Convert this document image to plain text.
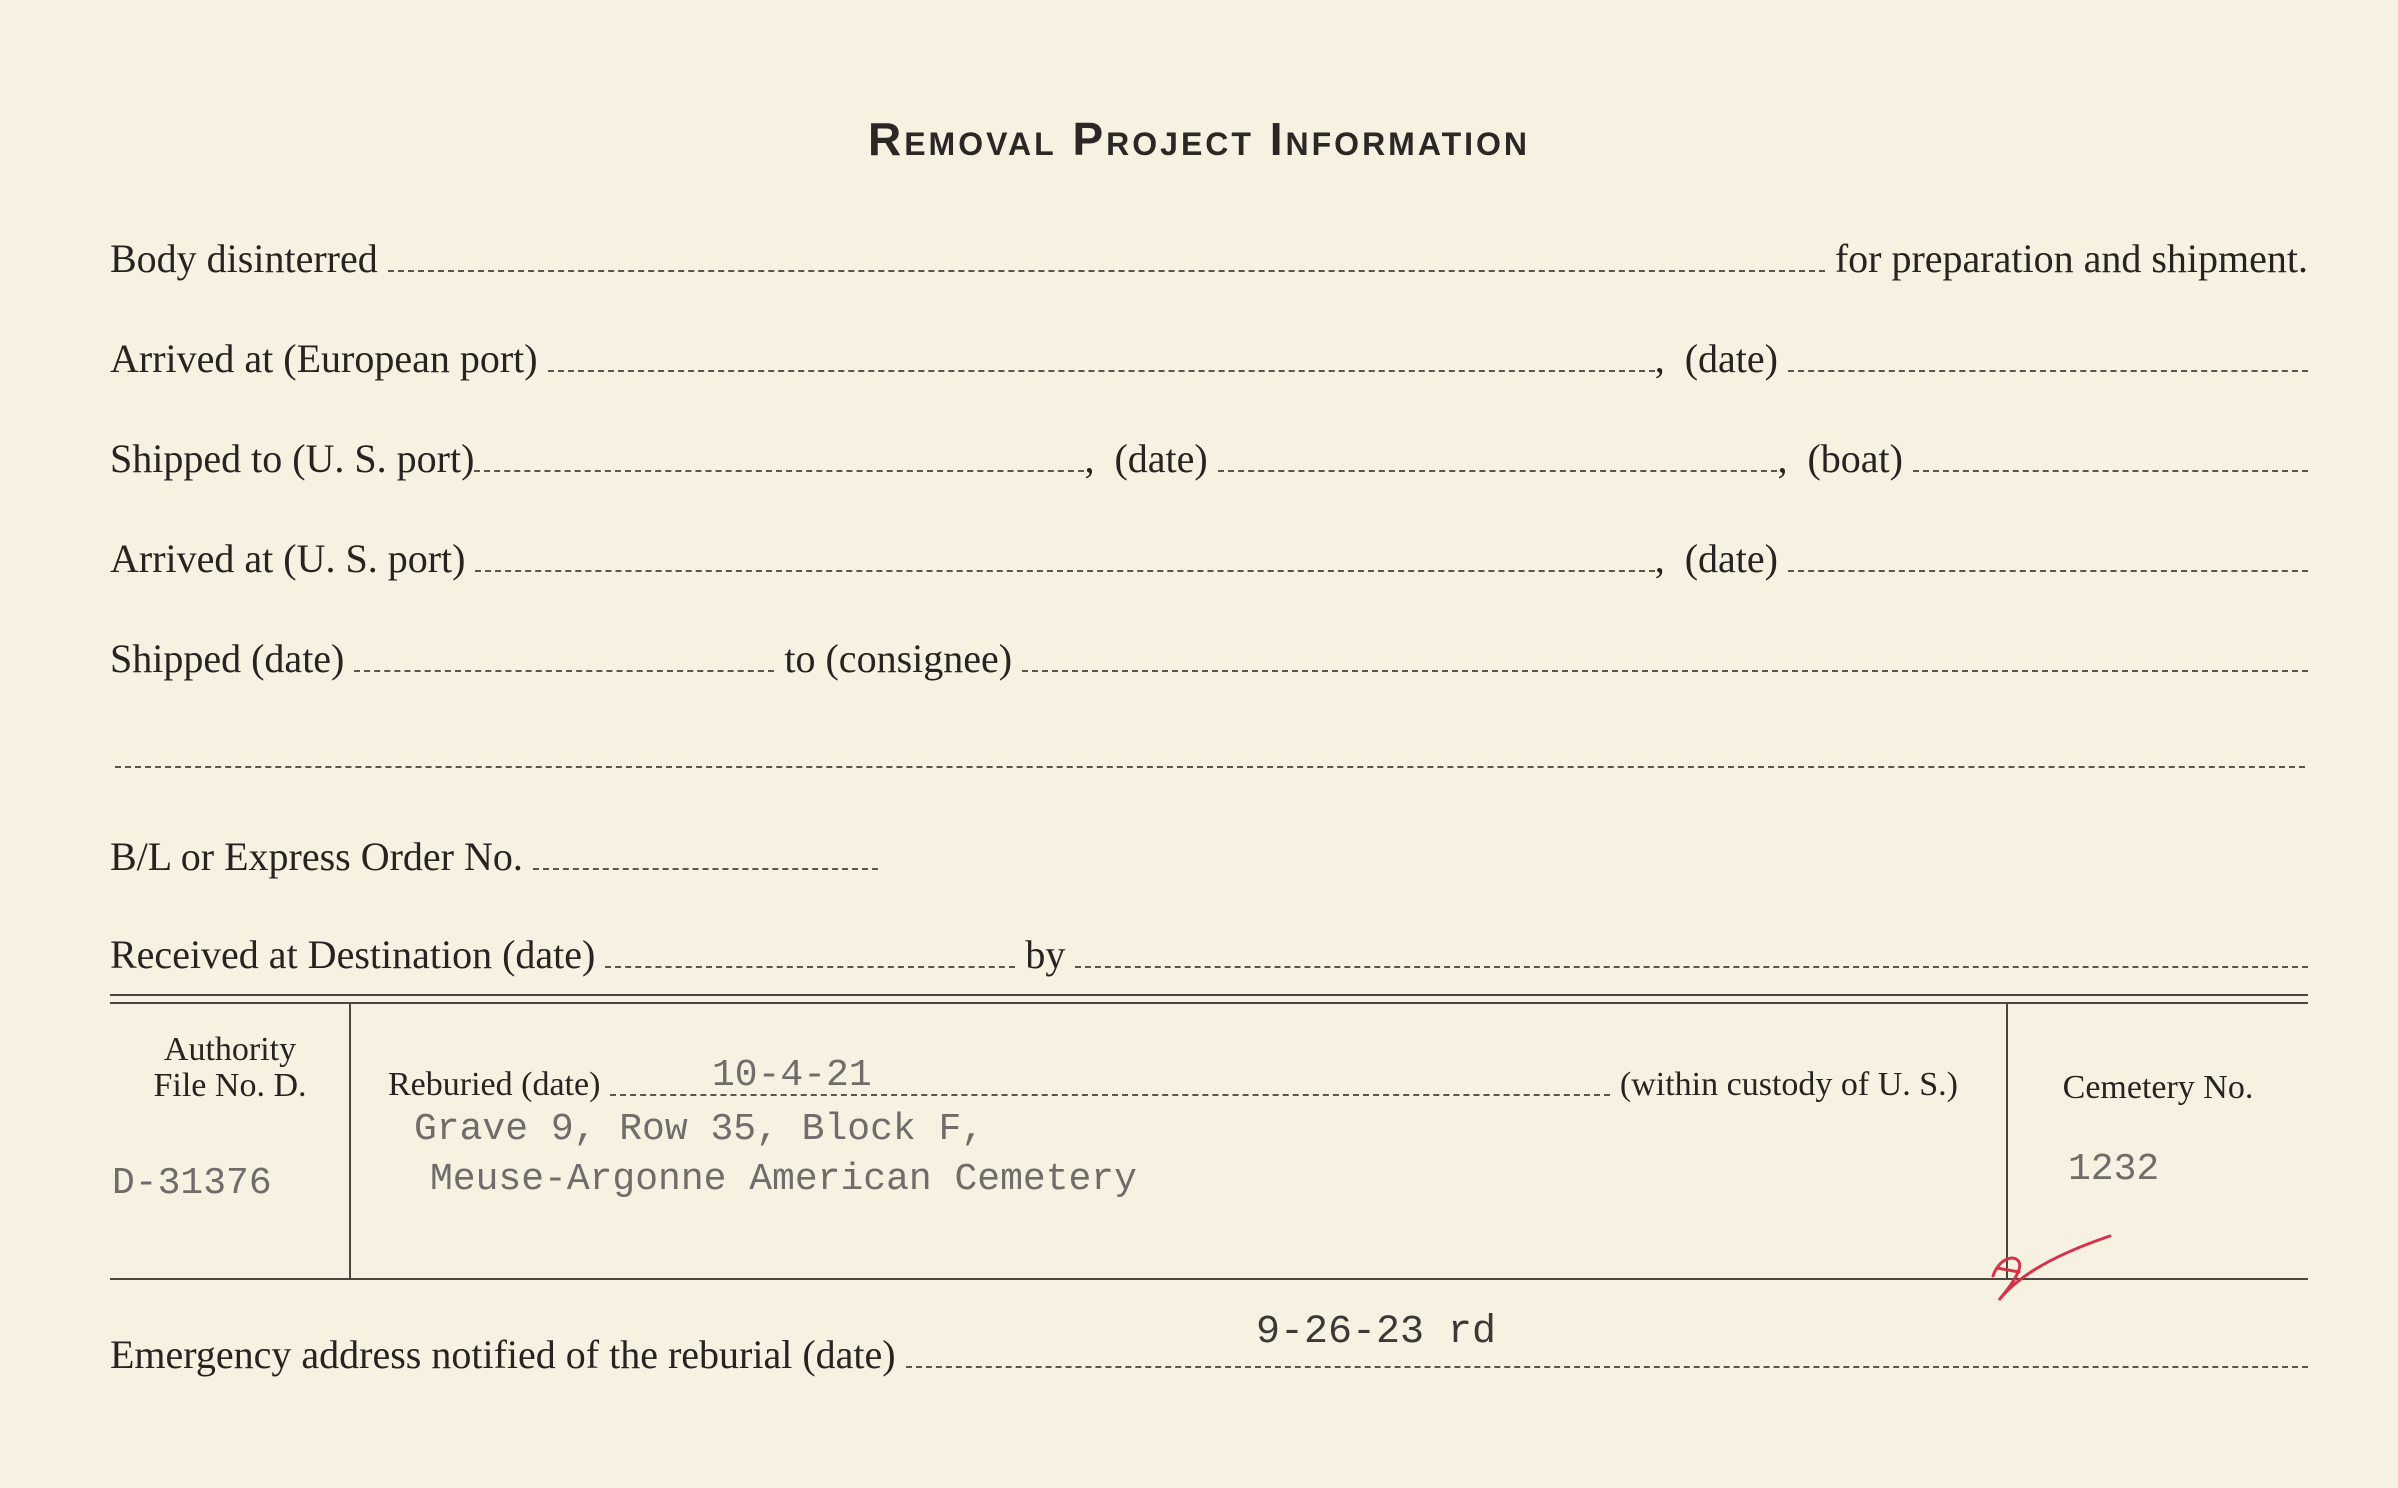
Removal Project Information
Body disinterred	for preparation and shipment.
Arrived at (European port)	, (date)
Shipped to (U. S. port)	, (date)	, (boat)
Arrived at (U. S. port)	, (date)
Shipped (date)	to (consignee)
B/L or Express Order No.
Received at Destination (date)	by
Authority
File No. D.
D-31376
Reburied (date)	(within custody of U. S.)
10-4-21
Grave 9, Row 35, Block F,
Meuse-Argonne American Cemetery
Cemetery No.
1232
Emergency address notified of the reburial (date)	9-26-23 rd
